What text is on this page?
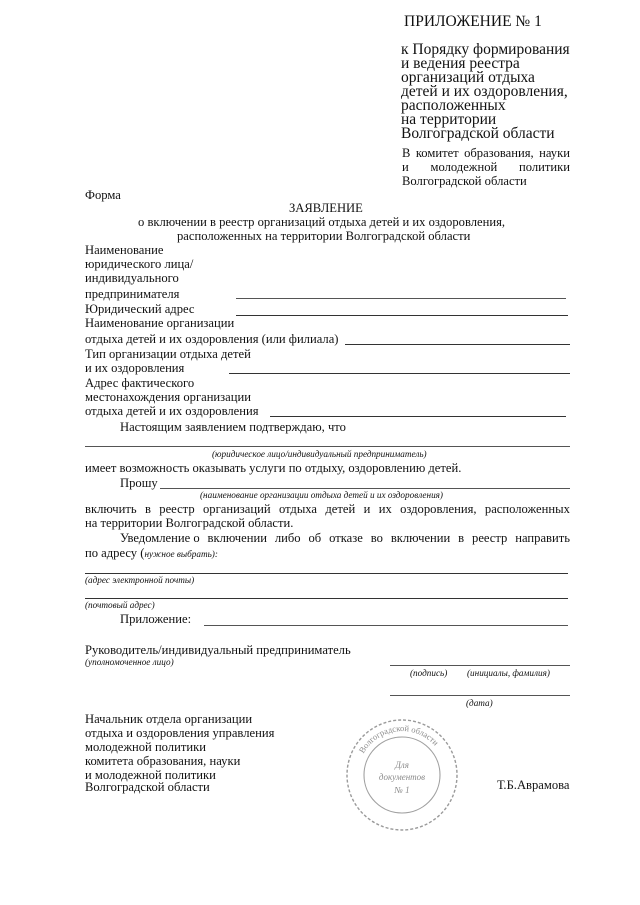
ПРИЛОЖЕНИЕ № 1
к Порядку формирования
и ведения реестра
организаций отдыха
детей и их оздоровления,
расположенных
на территории
Волгоградской области
В комитет образования, науки
и молодежной политики
Волгоградской области
Форма
ЗАЯВЛЕНИЕ
о включении в реестр организаций отдыха детей и их оздоровления,
расположенных на территории Волгоградской области
Наименование
юридического лица/
индивидуального
предпринимателя
Юридический адрес
Наименование организации
отдыха детей и их оздоровления (или филиала)
Тип организации отдыха детей
и их оздоровления
Адрес фактического
местонахождения организации
отдыха детей и их оздоровления
Настоящим заявлением подтверждаю, что
(юридическое лицо/индивидуальный предприниматель)
имеет возможность оказывать услуги по отдыху, оздоровлению детей.
Прошу
(наименование организации отдыха детей и их оздоровления)
включить в реестр организаций отдыха детей и их оздоровления, расположенных
на территории Волгоградской области.
Уведомление о включении либо об отказе во включении в реестр направить
по адресу (нужное выбрать):
(адрес электронной почты)
(почтовый адрес)
Приложение:
Руководитель/индивидуальный предприниматель
(уполномоченное лицо)
(подпись) (инициалы, фамилия)
(дата)
Начальник отдела организации
отдыха и оздоровления управления
молодежной политики
комитета образования, науки
и молодежной политики
Волгоградской области	Т.Б.Аврамова
Волгоградской области
Для
документов
№ 1
